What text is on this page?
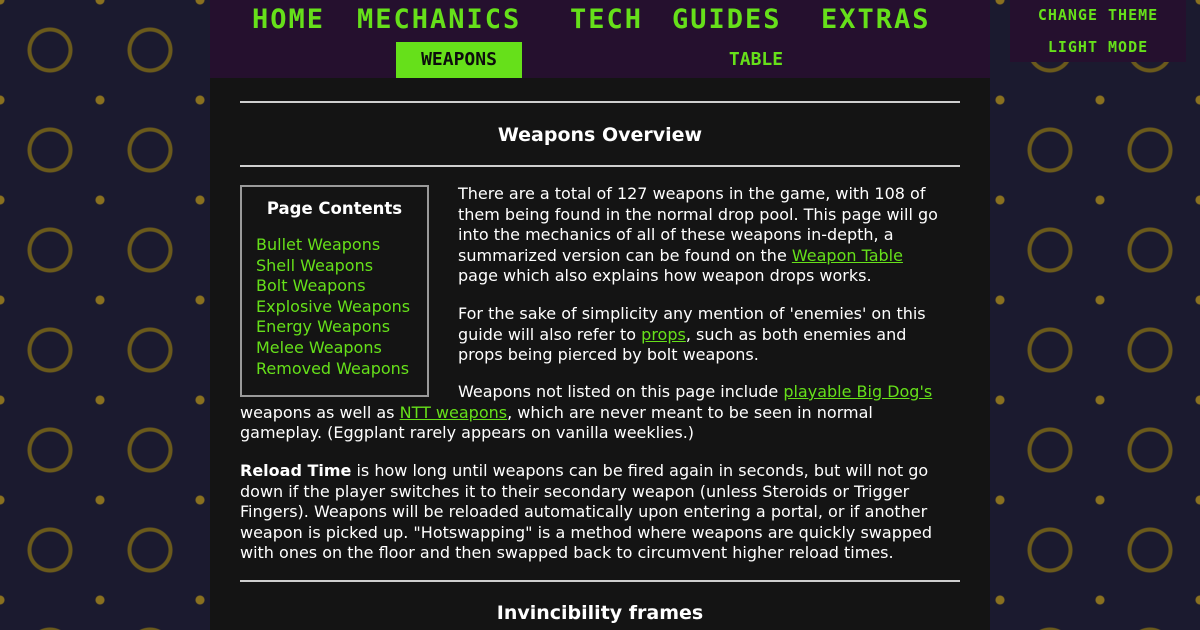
CHANGE THEME
LIGHT MODE
HOME MECHANICS TECH GUIDES EXTRAS
WEAPONS	TABLE
Weapons Overview
Page Contents
Bullet Weapons
Shell Weapons
Bolt Weapons
Explosive Weapons
Energy Weapons
Melee Weapons
Removed Weapons
There are a total of 127 weapons in the game, with 108 of
them being found in the normal drop pool. This page will go
into the mechanics of all of these weapons in-depth, a
summarized version can be found on the Weapon Table
page which also explains how weapon drops works.
For the sake of simplicity any mention of 'enemies' on this
guide will also refer to props, such as both enemies and
props being pierced by bolt weapons.
Weapons not listed on this page include playable Big Dog's
weapons as well as NTT weapons, which are never meant to be seen in normal
gameplay. (Eggplant rarely appears on vanilla weeklies.)
Reload Time is how long until weapons can be fired again in seconds, but will not go
down if the player switches it to their secondary weapon (unless Steroids or Trigger
Fingers). Weapons will be reloaded automatically upon entering a portal, or if another
weapon is picked up. "Hotswapping" is a method where weapons are quickly swapped
with ones on the floor and then swapped back to circumvent higher reload times.
Invincibility frames
